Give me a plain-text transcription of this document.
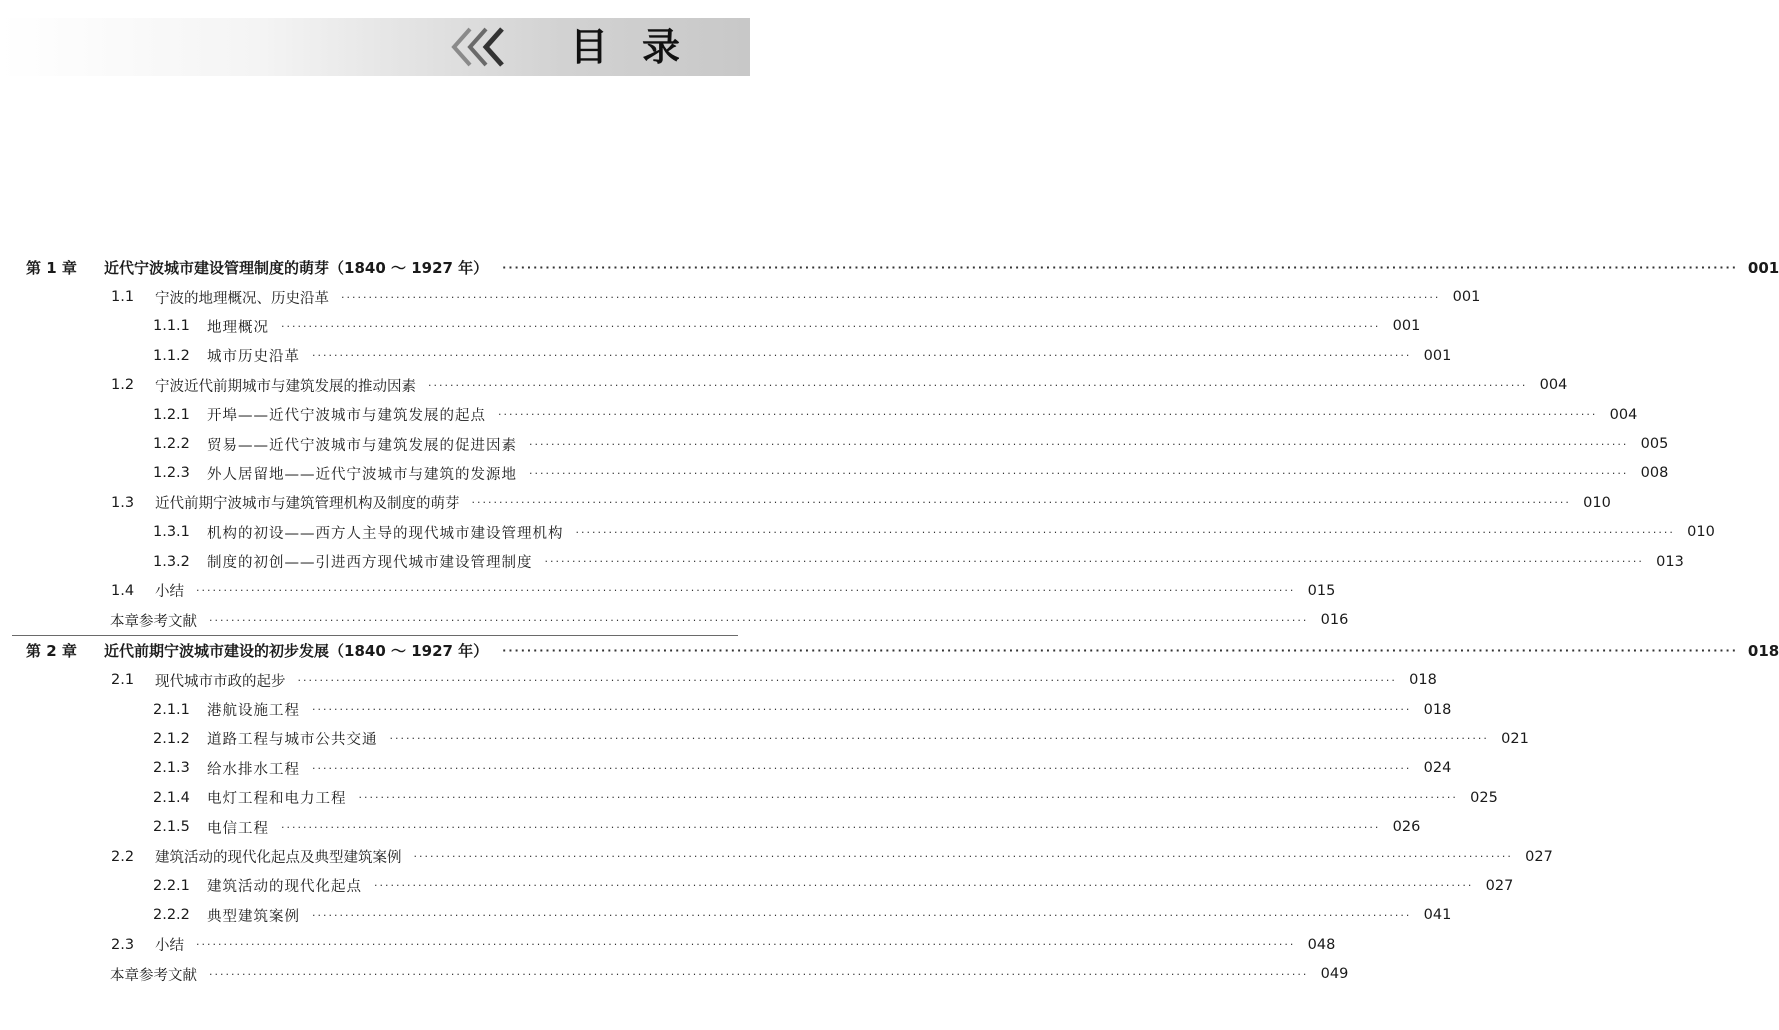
目录
第 1 章	近代宁波城市建设管理制度的萌芽（1840 ～ 1927 年） ········································································································································································································ 001
1.1	宁波的地理概况、历史沿革 ········································································································································································································ 001
1.1.1	地理概况 ········································································································································································································ 001
1.1.2	城市历史沿革 ········································································································································································································ 001
1.2	宁波近代前期城市与建筑发展的推动因素 ········································································································································································································ 004
1.2.1	开埠——近代宁波城市与建筑发展的起点 ········································································································································································································ 004
1.2.2	贸易——近代宁波城市与建筑发展的促进因素 ········································································································································································································ 005
1.2.3	外人居留地——近代宁波城市与建筑的发源地 ········································································································································································································ 008
1.3	近代前期宁波城市与建筑管理机构及制度的萌芽 ········································································································································································································ 010
1.3.1	机构的初设——西方人主导的现代城市建设管理机构 ········································································································································································································ 010
1.3.2	制度的初创——引进西方现代城市建设管理制度 ········································································································································································································ 013
1.4	小结 ········································································································································································································ 015
本章参考文献 ········································································································································································································ 016
第 2 章	近代前期宁波城市建设的初步发展（1840 ～ 1927 年） ········································································································································································································ 018
2.1	现代城市市政的起步 ········································································································································································································ 018
2.1.1	港航设施工程 ········································································································································································································ 018
2.1.2	道路工程与城市公共交通 ········································································································································································································ 021
2.1.3	给水排水工程 ········································································································································································································ 024
2.1.4	电灯工程和电力工程 ········································································································································································································ 025
2.1.5	电信工程 ········································································································································································································ 026
2.2	建筑活动的现代化起点及典型建筑案例 ········································································································································································································ 027
2.2.1	建筑活动的现代化起点 ········································································································································································································ 027
2.2.2	典型建筑案例 ········································································································································································································ 041
2.3	小结 ········································································································································································································ 048
本章参考文献 ········································································································································································································ 049
